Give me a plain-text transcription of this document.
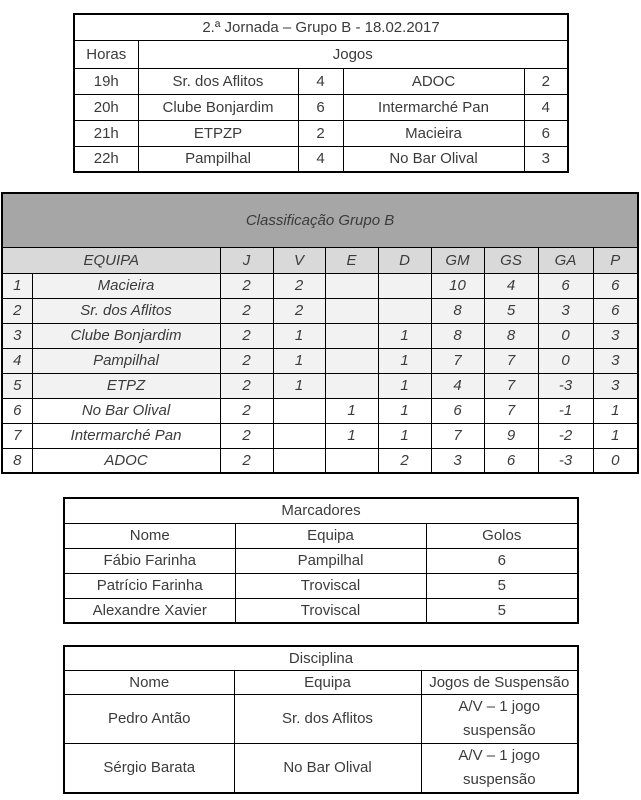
2.ª Jornada – Grupo B - 18.02.2017				
Horas	Jogos			
19h	Sr. dos Aflitos	4	ADOC	2
20h	Clube Bonjardim	6	Intermarché Pan	4
21h	ETPZP	2	Macieira	6
22h	Pampilhal	4	No Bar Olival	3
Classificação Grupo B									
EQUIPA		J	V	E	D	GM	GS	GA	P
1	Macieira	2	2			10	4	6	6
2	Sr. dos Aflitos	2	2			8	5	3	6
3	Clube Bonjardim	2	1		1	8	8	0	3
4	Pampilhal	2	1		1	7	7	0	3
5	ETPZ	2	1		1	4	7	-3	3
6	No Bar Olival	2		1	1	6	7	-1	1
7	Intermarché Pan	2		1	1	7	9	-2	1
8	ADOC	2			2	3	6	-3	0
Marcadores		
Nome	Equipa	Golos
Fábio Farinha	Pampilhal	6
Patrício Farinha	Troviscal	5
Alexandre Xavier	Troviscal	5
Disciplina		
Nome	Equipa	Jogos de Suspensão
Pedro Antão	Sr. dos Aflitos	A/V – 1 jogo suspensão
Sérgio Barata	No Bar Olival	A/V – 1 jogo suspensão
